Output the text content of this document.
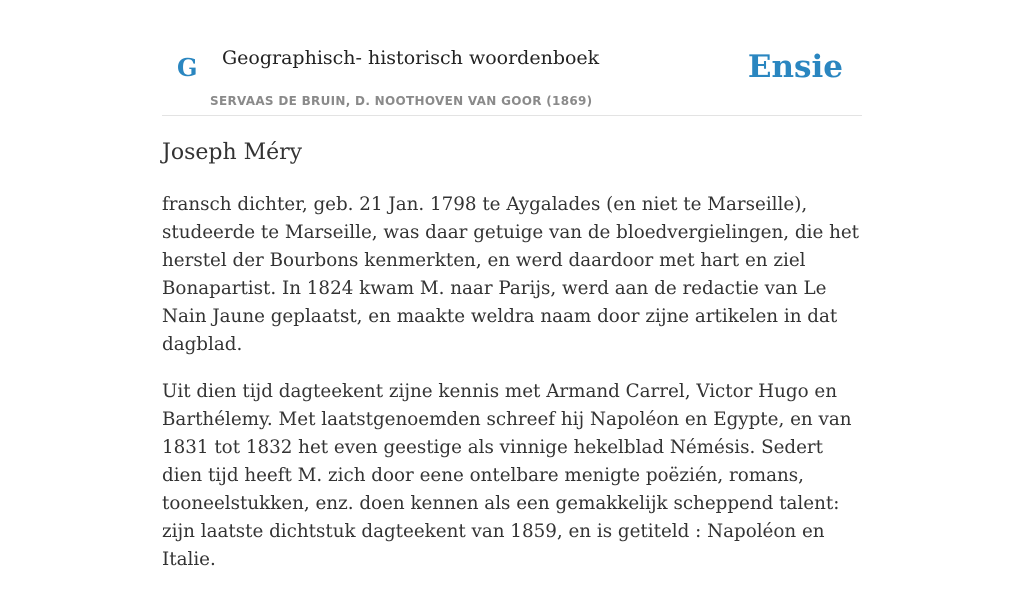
G Geographisch- historisch woordenboek
SERVAAS DE BRUIN, D. NOOTHOVEN VAN GOOR (1869)
Ensie
Joseph Méry

fransch dichter, geb. 21 Jan. 1798 te Aygalades (en niet te Marseille), studeerde te Marseille, was daar getuige van de bloedvergielingen, die het herstel der Bourbons kenmerkten, en werd daardoor met hart en ziel Bonapartist. In 1824 kwam M. naar Parijs, werd aan de redactie van Le Nain Jaune geplaatst, en maakte weldra naam door zijne artikelen in dat dagblad.

Uit dien tijd dagteekent zijne kennis met Armand Carrel, Victor Hugo en Barthélemy. Met laatstgenoemden schreef hij Napoléon en Egypte, en van 1831 tot 1832 het even geestige als vinnige hekelblad Némésis. Sedert dien tijd heeft M. zich door eene ontelbare menigte poëzién, romans, tooneelstukken, enz. doen kennen als een gemakkelijk scheppend talent: zijn laatste dichtstuk dagteekent van 1859, en is getiteld : Napoléon en Italie.
